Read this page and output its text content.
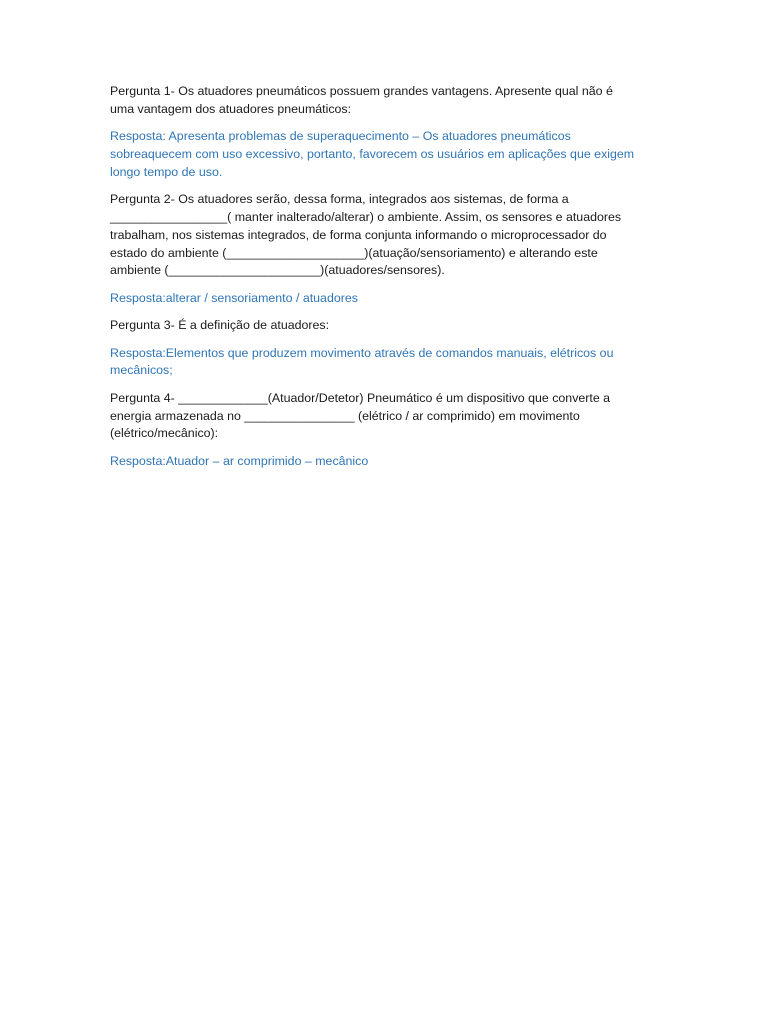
Pergunta 1- Os atuadores pneumáticos possuem grandes vantagens. Apresente qual não é
uma vantagem dos atuadores pneumáticos:

Resposta: Apresenta problemas de superaquecimento – Os atuadores pneumáticos
sobreaquecem com uso excessivo, portanto, favorecem os usuários em aplicações que exigem
longo tempo de uso.

Pergunta 2- Os atuadores serão, dessa forma, integrados aos sistemas, de forma a
_________________( manter inalterado/alterar) o ambiente. Assim, os sensores e atuadores
trabalham, nos sistemas integrados, de forma conjunta informando o microprocessador do
estado do ambiente (____________________)(atuação/sensoriamento) e alterando este
ambiente (______________________)(atuadores/sensores).

Resposta:alterar / sensoriamento / atuadores

Pergunta 3- É a definição de atuadores:

Resposta:Elementos que produzem movimento através de comandos manuais, elétricos ou
mecânicos;

Pergunta 4- _____________(Atuador/Detetor) Pneumático é um dispositivo que converte a
energia armazenada no ________________ (elétrico / ar comprimido) em movimento
(elétrico/mecânico):

Resposta:Atuador – ar comprimido – mecânico
